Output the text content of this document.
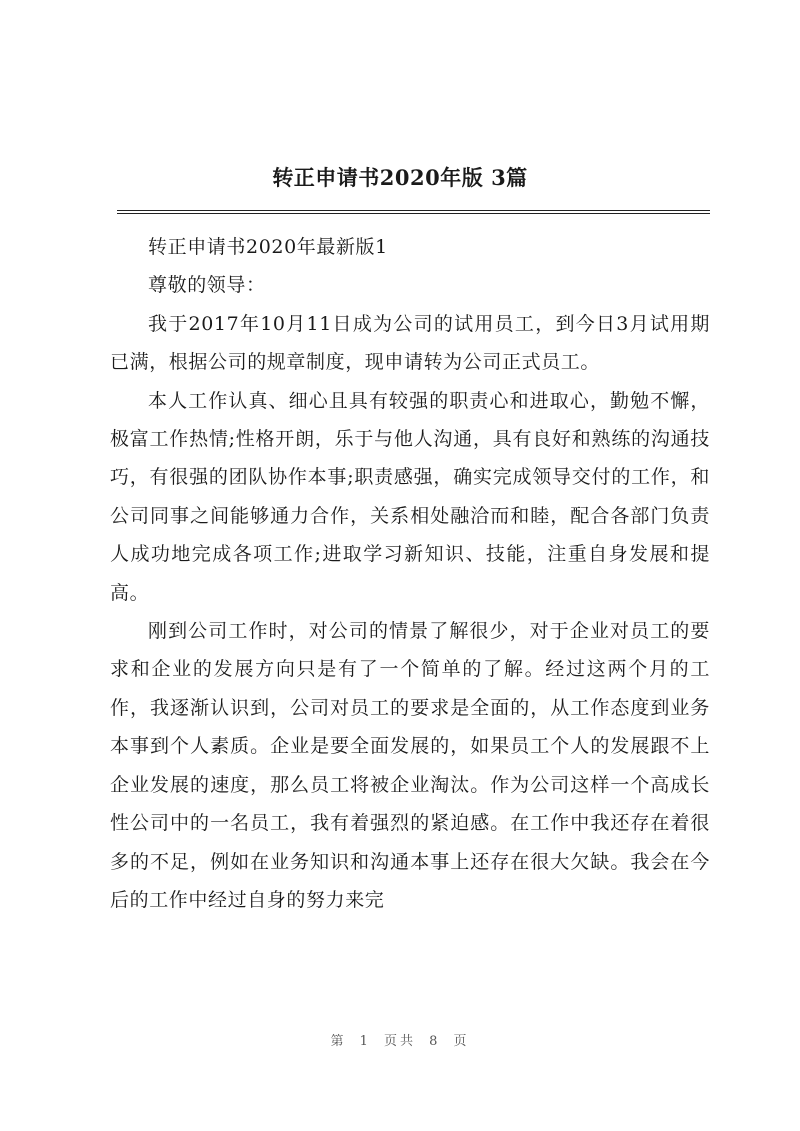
转正申请书2020年版 3篇

转正申请书2020年最新版1

尊敬的领导：

我于2017年10月11日成为公司的试用员工，到今日3月试用期已满，根据公司的规章制度，现申请转为公司正式员工。

本人工作认真、细心且具有较强的职责心和进取心，勤勉不懈，极富工作热情;性格开朗，乐于与他人沟通，具有良好和熟练的沟通技巧，有很强的团队协作本事;职责感强，确实完成领导交付的工作，和公司同事之间能够通力合作，关系相处融洽而和睦，配合各部门负责人成功地完成各项工作;进取学习新知识、技能，注重自身发展和提高。

刚到公司工作时，对公司的情景了解很少，对于企业对员工的要求和企业的发展方向只是有了一个简单的了解。经过这两个月的工作，我逐渐认识到，公司对员工的要求是全面的，从工作态度到业务本事到个人素质。企业是要全面发展的，如果员工个人的发展跟不上企业发展的速度，那么员工将被企业淘汰。作为公司这样一个高成长性公司中的一名员工，我有着强烈的紧迫感。在工作中我还存在着很多的不足，例如在业务知识和沟通本事上还存在很大欠缺。我会在今后的工作中经过自身的努力来完

第 1 页共 8 页
